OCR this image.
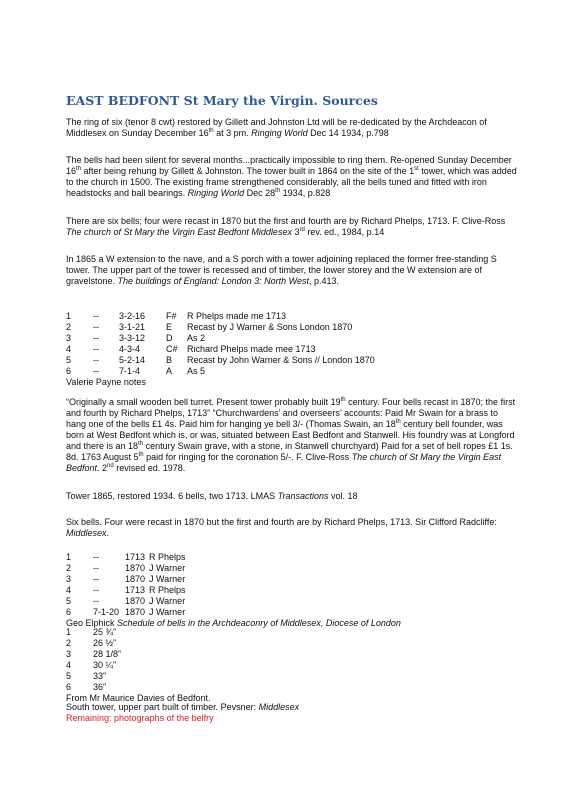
EAST BEDFONT St Mary the Virgin. Sources

The ring of six (tenor 8 cwt) restored by Gillett and Johnston Ltd will be re-dedicated by the Archdeacon of Middlesex on Sunday December 16th at 3 pm. Ringing World Dec 14 1934, p.798

The bells had been silent for several months...practically impossible to ring them. Re-opened Sunday December 16th after being rehung by Gillett & Johnston. The tower built in 1864 on the site of the 1st tower, which was added to the church in 1500. The existing frame strengthened considerably, all the bells tuned and fitted with iron headstocks and ball bearings. Ringing World Dec 28th 1934, p.828

There are six bells; four were recast in 1870 but the first and fourth are by Richard Phelps, 1713. F. Clive-Ross The church of St Mary the Virgin East Bedfont Middlesex 3rd rev. ed., 1984, p.14

In 1865 a W extension to the nave, and a S porch with a tower adjoining replaced the former free-standing S tower. The upper part of the tower is recessed and of timber, the lower storey and the W extension are of gravelstone. The buildings of England: London 3: North West, p.413.

1	--	3-2-16	F#	R Phelps made me 1713
2	--	3-1-21	E	Recast by J Warner & Sons London 1870
3	--	3-3-12	D	As 2
4	--	4-3-4	C#	Richard Phelps made mee 1713
5	--	5-2-14	B	Recast by John Warner & Sons // London 1870
6	--	7-1-4	A	As 5
Valerie Payne notes

“Originally a small wooden bell turret. Present tower probably built 19th century. Four bells recast in 1870; the first and fourth by Richard Phelps, 1713” “Churchwardens’ and overseers’ accounts: Paid Mr Swain for a brass to hang one of the bells £1 4s. Paid him for hanging ye bell 3/- (Thomas Swain, an 18th century bell founder, was born at West Bedfont which is, or was, situated between East Bedfont and Stanwell. His foundry was at Longford and there is an 18th century Swain grave, with a stone, in Stanwell churchyard) Paid for a set of bell ropes £1 1s. 8d. 1763 August 5th paid for ringing for the coronation 5/-. F. Clive-Ross The church of St Mary the Virgin East Bedfont. 2nd revised ed. 1978.

Tower 1865, restored 1934. 6 bells, two 1713. LMAS Transactions vol. 18

Six bells. Four were recast in 1870 but the first and fourth are by Richard Phelps, 1713. Sir Clifford Radcliffe: Middlesex.

1	--	1713	R Phelps
2	--	1870	J Warner
3	--	1870	J Warner
4	--	1713	R Phelps
5	--	1870	J Warner
6	7-1-20	1870	J Warner
Geo Elphick Schedule of bells in the Archdeaconry of Middlesex, Diocese of London
1	25 ¾”
2	26 ½”
3	28 1/8”
4	30 ¼”
5	33”
6	36”
From Mr Maurice Davies of Bedfont.

South tower, upper part built of timber. Pevsner: Middlesex

Remaining: photographs of the belfry
